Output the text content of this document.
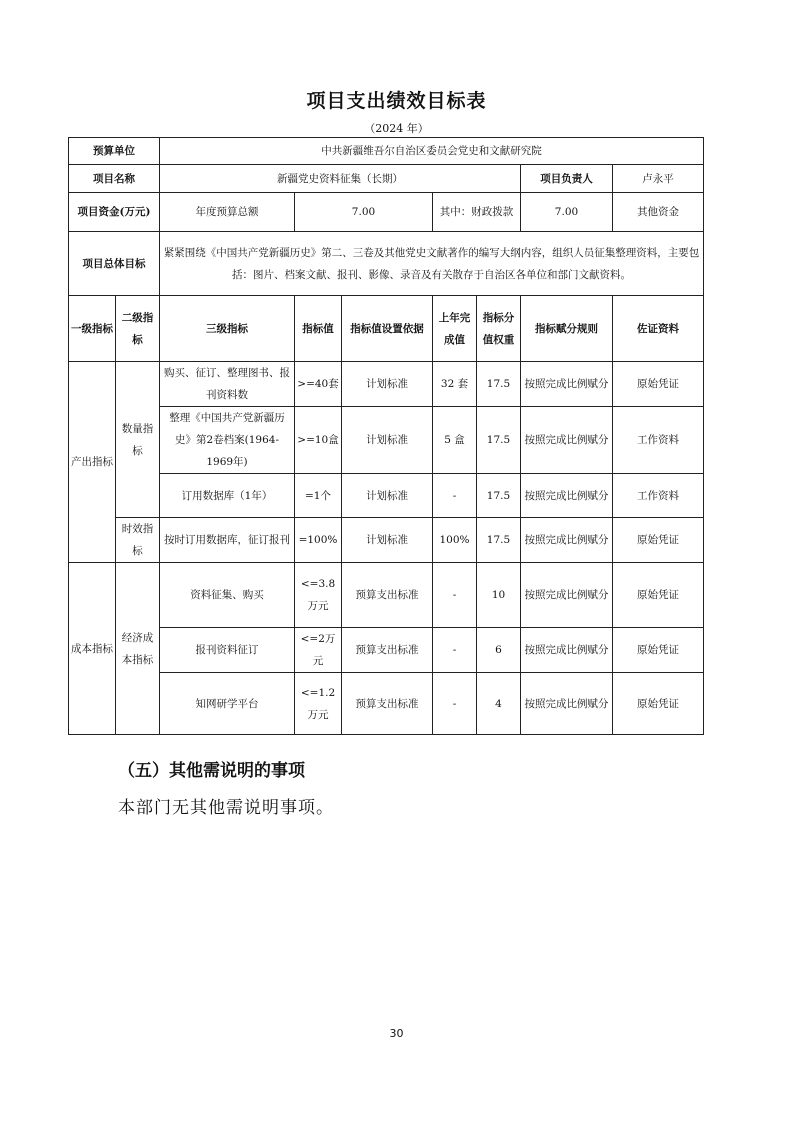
项目支出绩效目标表
（2024 年）
预算单位		中共新疆维吾尔自治区委员会党史和文献研究院							
项目名称		新疆党史资料征集（长期）					项目负责人	卢永平	
项目资金(万元)		年度预算总额	7.00		其中：财政拨款		7.00	其他资金	
项目总体目标		紧紧围绕《中国共产党新疆历史》第二、三卷及其他党史文献著作的编写大纲内容，组织人员征集整理资料，主要包括：图片、档案文献、报刊、影像、录音及有关散存于自治区各单位和部门文献资料。							
一级指标	二级指标	三级指标	指标值	指标值设置依据	上年完成值	指标分值权重	指标赋分规则	佐证资料	
产出指标	数量指标	购买、征订、整理图书、报刊资料数	>=40套	计划标准	32 套	17.5	按照完成比例赋分	原始凭证	
		整理《中国共产党新疆历史》第2卷档案(1964-1969年)	>=10盒	计划标准	5 盒	17.5	按照完成比例赋分	工作资料	
		订用数据库（1年）	=1个	计划标准	-	17.5	按照完成比例赋分	工作资料	
	时效指标	按时订用数据库，征订报刊	=100%	计划标准	100%	17.5	按照完成比例赋分	原始凭证	
成本指标	经济成本指标	资料征集、购买	<=3.8万元	预算支出标准	-	10	按照完成比例赋分	原始凭证	
		报刊资料征订	<=2万元	预算支出标准	-	6	按照完成比例赋分	原始凭证	
		知网研学平台	<=1.2万元	预算支出标准	-	4	按照完成比例赋分	原始凭证	
（五）其他需说明的事项
本部门无其他需说明事项。
30
